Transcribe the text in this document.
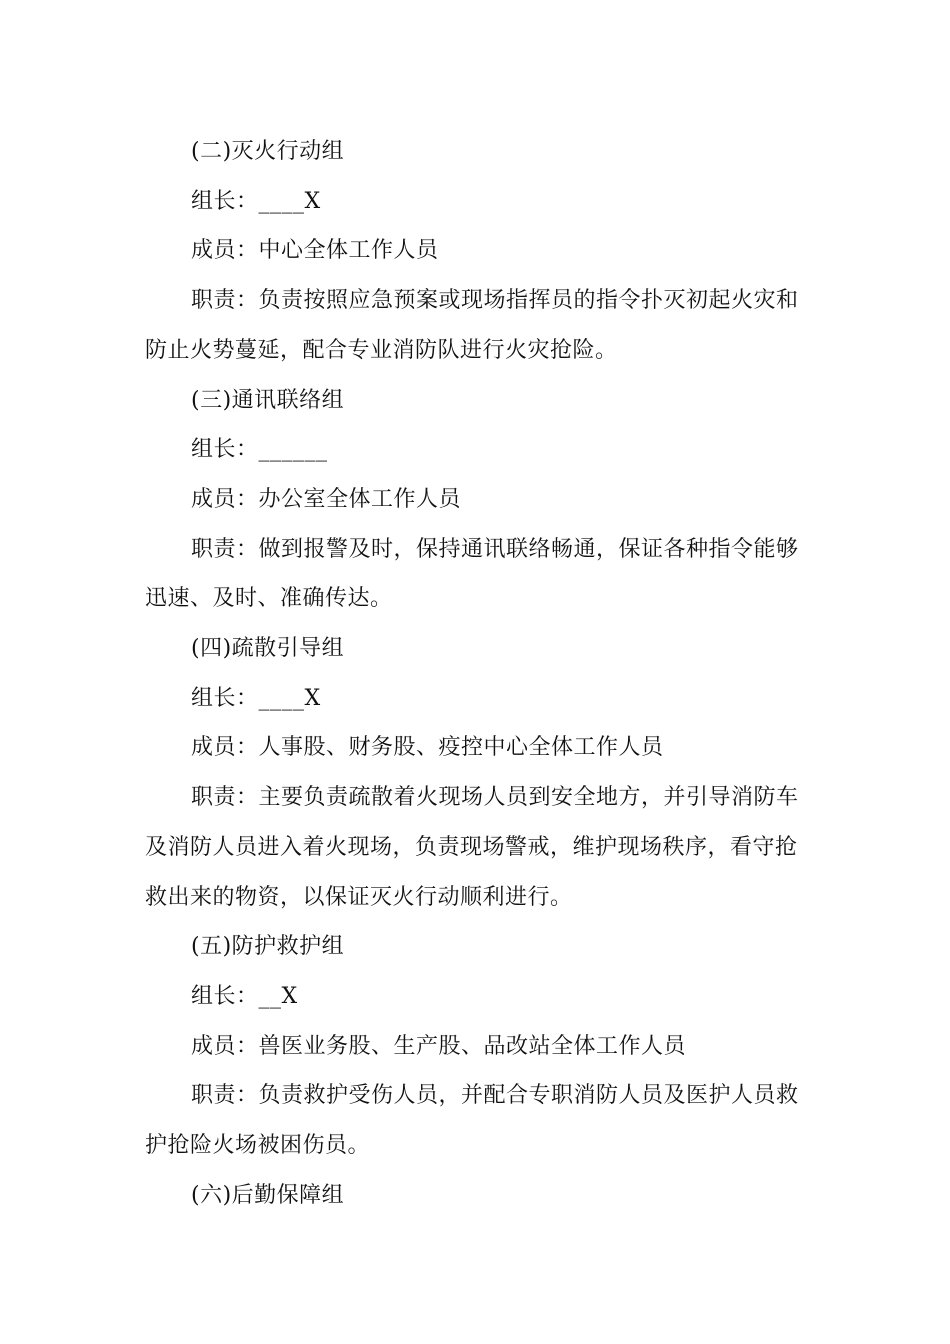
(二)灭火行动组

组长：____X

成员：中心全体工作人员

职责：负责按照应急预案或现场指挥员的指令扑灭初起火灾和防止火势蔓延，配合专业消防队进行火灾抢险。

(三)通讯联络组

组长：______

成员：办公室全体工作人员

职责：做到报警及时，保持通讯联络畅通，保证各种指令能够迅速、及时、准确传达。

(四)疏散引导组

组长：____X

成员：人事股、财务股、疫控中心全体工作人员

职责：主要负责疏散着火现场人员到安全地方，并引导消防车及消防人员进入着火现场，负责现场警戒，维护现场秩序，看守抢救出来的物资，以保证灭火行动顺利进行。

(五)防护救护组

组长：__X

成员：兽医业务股、生产股、品改站全体工作人员

职责：负责救护受伤人员，并配合专职消防人员及医护人员救护抢险火场被困伤员。

(六)后勤保障组
